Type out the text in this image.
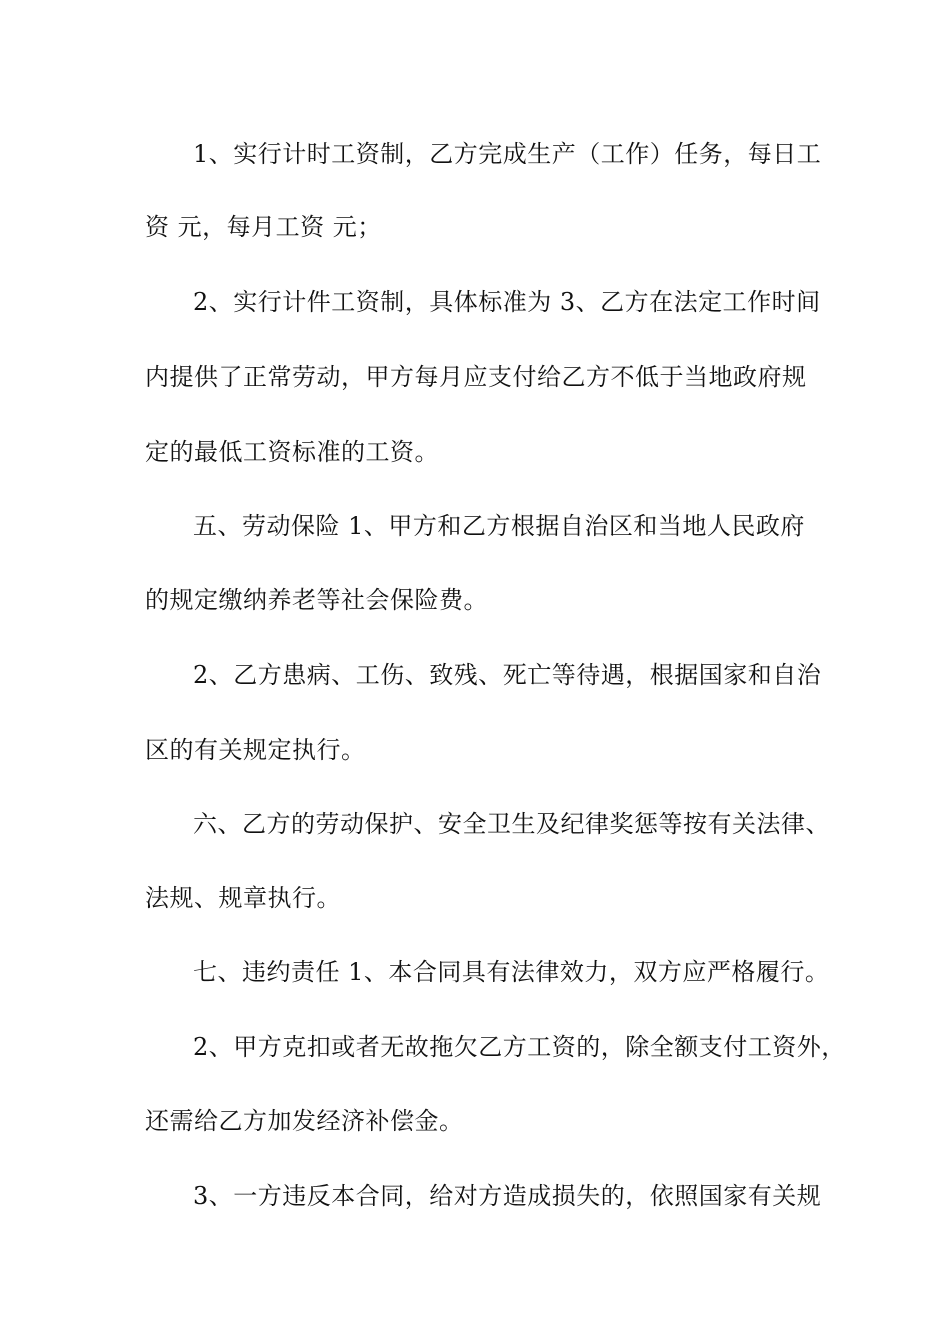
1、实行计时工资制，乙方完成生产（工作）任务，每日工
资 元，每月工资 元；
2、实行计件工资制，具体标准为 3、乙方在法定工作时间
内提供了正常劳动，甲方每月应支付给乙方不低于当地政府规
定的最低工资标准的工资。
五、劳动保险 1、甲方和乙方根据自治区和当地人民政府
的规定缴纳养老等社会保险费。
2、乙方患病、工伤、致残、死亡等待遇，根据国家和自治
区的有关规定执行。
六、乙方的劳动保护、安全卫生及纪律奖惩等按有关法律、
法规、规章执行。
七、违约责任 1、本合同具有法律效力，双方应严格履行。
2、甲方克扣或者无故拖欠乙方工资的，除全额支付工资外，
还需给乙方加发经济补偿金。
3、一方违反本合同，给对方造成损失的，依照国家有关规
